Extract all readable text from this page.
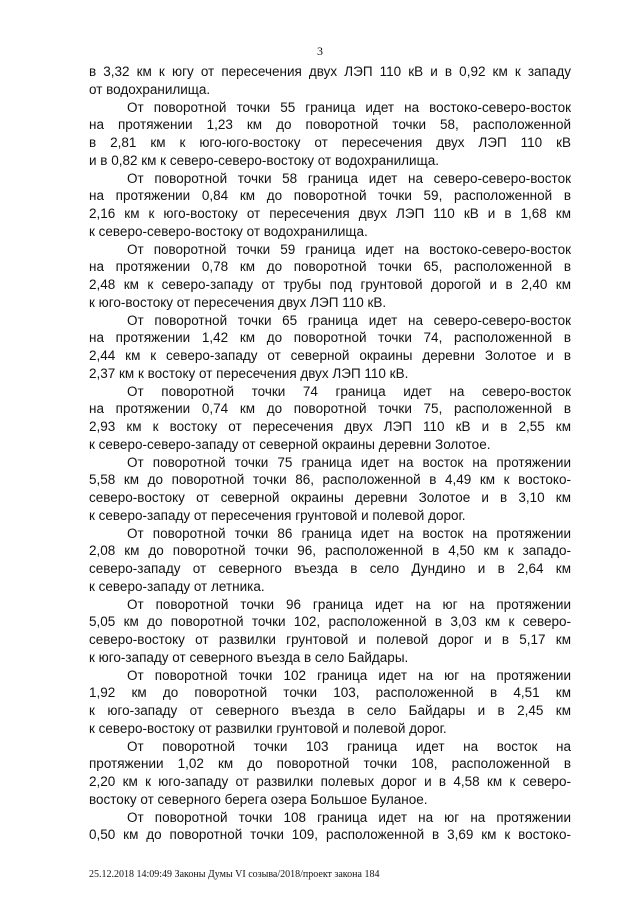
3
в 3,32 км к югу от пересечения двух ЛЭП 110 кВ и в 0,92 км к западу
от водохранилища.
От поворотной точки 55 граница идет на востоко-северо-восток
на протяжении 1,23 км до поворотной точки 58, расположенной
в 2,81 км к юго-юго-востоку от пересечения двух ЛЭП 110 кВ
и в 0,82 км к северо-северо-востоку от водохранилища.
От поворотной точки 58 граница идет на северо-северо-восток
на протяжении 0,84 км до поворотной точки 59, расположенной в
2,16 км к юго-востоку от пересечения двух ЛЭП 110 кВ и в 1,68 км
к северо-северо-востоку от водохранилища.
От поворотной точки 59 граница идет на востоко-северо-восток
на протяжении 0,78 км до поворотной точки 65, расположенной в
2,48 км к северо-западу от трубы под грунтовой дорогой и в 2,40 км
к юго-востоку от пересечения двух ЛЭП 110 кВ.
От поворотной точки 65 граница идет на северо-северо-восток
на протяжении 1,42 км до поворотной точки 74, расположенной в
2,44 км к северо-западу от северной окраины деревни Золотое и в
2,37 км к востоку от пересечения двух ЛЭП 110 кВ.
От поворотной точки 74 граница идет на северо-восток
на протяжении 0,74 км до поворотной точки 75, расположенной в
2,93 км к востоку от пересечения двух ЛЭП 110 кВ и в 2,55 км
к северо-северо-западу от северной окраины деревни Золотое.
От поворотной точки 75 граница идет на восток на протяжении
5,58 км до поворотной точки 86, расположенной в 4,49 км к востоко-
северо-востоку от северной окраины деревни Золотое и в 3,10 км
к северо-западу от пересечения грунтовой и полевой дорог.
От поворотной точки 86 граница идет на восток на протяжении
2,08 км до поворотной точки 96, расположенной в 4,50 км к западо-
северо-западу от северного въезда в село Дундино и в 2,64 км
к северо-западу от летника.
От поворотной точки 96 граница идет на юг на протяжении
5,05 км до поворотной точки 102, расположенной в 3,03 км к северо-
северо-востоку от развилки грунтовой и полевой дорог и в 5,17 км
к юго-западу от северного въезда в село Байдары.
От поворотной точки 102 граница идет на юг на протяжении
1,92 км до поворотной точки 103, расположенной в 4,51 км
к юго-западу от северного въезда в село Байдары и в 2,45 км
к северо-востоку от развилки грунтовой и полевой дорог.
От поворотной точки 103 граница идет на восток на
протяжении 1,02 км до поворотной точки 108, расположенной в
2,20 км к юго-западу от развилки полевых дорог и в 4,58 км к северо-
востоку от северного берега озера Большое Буланое.
От поворотной точки 108 граница идет на юг на протяжении
0,50 км до поворотной точки 109, расположенной в 3,69 км к востоко-
25.12.2018 14:09:49 Законы Думы VI созыва/2018/проект закона 184
